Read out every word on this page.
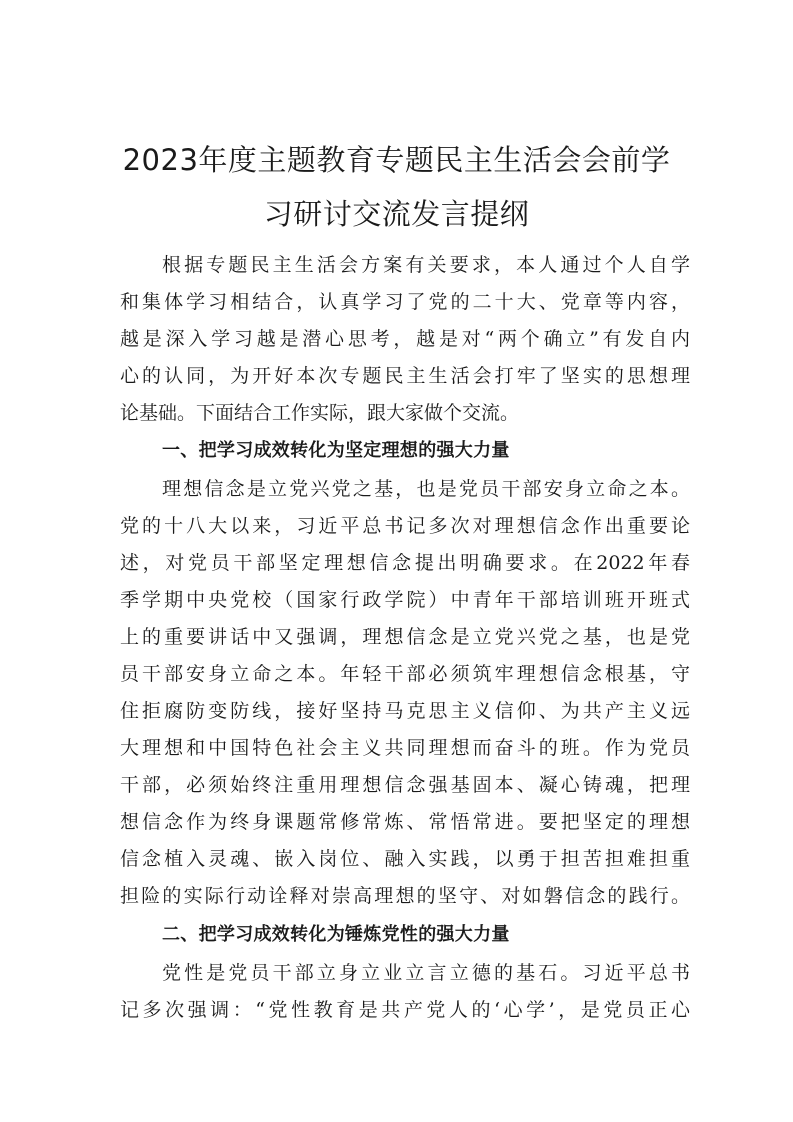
2023年度主题教育专题民主生活会会前学
习研讨交流发言提纲
根据专题民主生活会方案有关要求，本人通过个人自学
和集体学习相结合，认真学习了党的二十大、党章等内容，
越是深入学习越是潜心思考，越是对“两个确立”有发自内
心的认同，为开好本次专题民主生活会打牢了坚实的思想理
论基础。下面结合工作实际，跟大家做个交流。
一、把学习成效转化为坚定理想的强大力量
理想信念是立党兴党之基，也是党员干部安身立命之本。
党的十八大以来，习近平总书记多次对理想信念作出重要论
述，对党员干部坚定理想信念提出明确要求。在2022年春
季学期中央党校（国家行政学院）中青年干部培训班开班式
上的重要讲话中又强调，理想信念是立党兴党之基，也是党
员干部安身立命之本。年轻干部必须筑牢理想信念根基，守
住拒腐防变防线，接好坚持马克思主义信仰、为共产主义远
大理想和中国特色社会主义共同理想而奋斗的班。作为党员
干部，必须始终注重用理想信念强基固本、凝心铸魂，把理
想信念作为终身课题常修常炼、常悟常进。要把坚定的理想
信念植入灵魂、嵌入岗位、融入实践，以勇于担苦担难担重
担险的实际行动诠释对崇高理想的坚守、对如磐信念的践行。
二、把学习成效转化为锤炼党性的强大力量
党性是党员干部立身立业立言立德的基石。习近平总书
记多次强调：“党性教育是共产党人的‘心学’，是党员正心
